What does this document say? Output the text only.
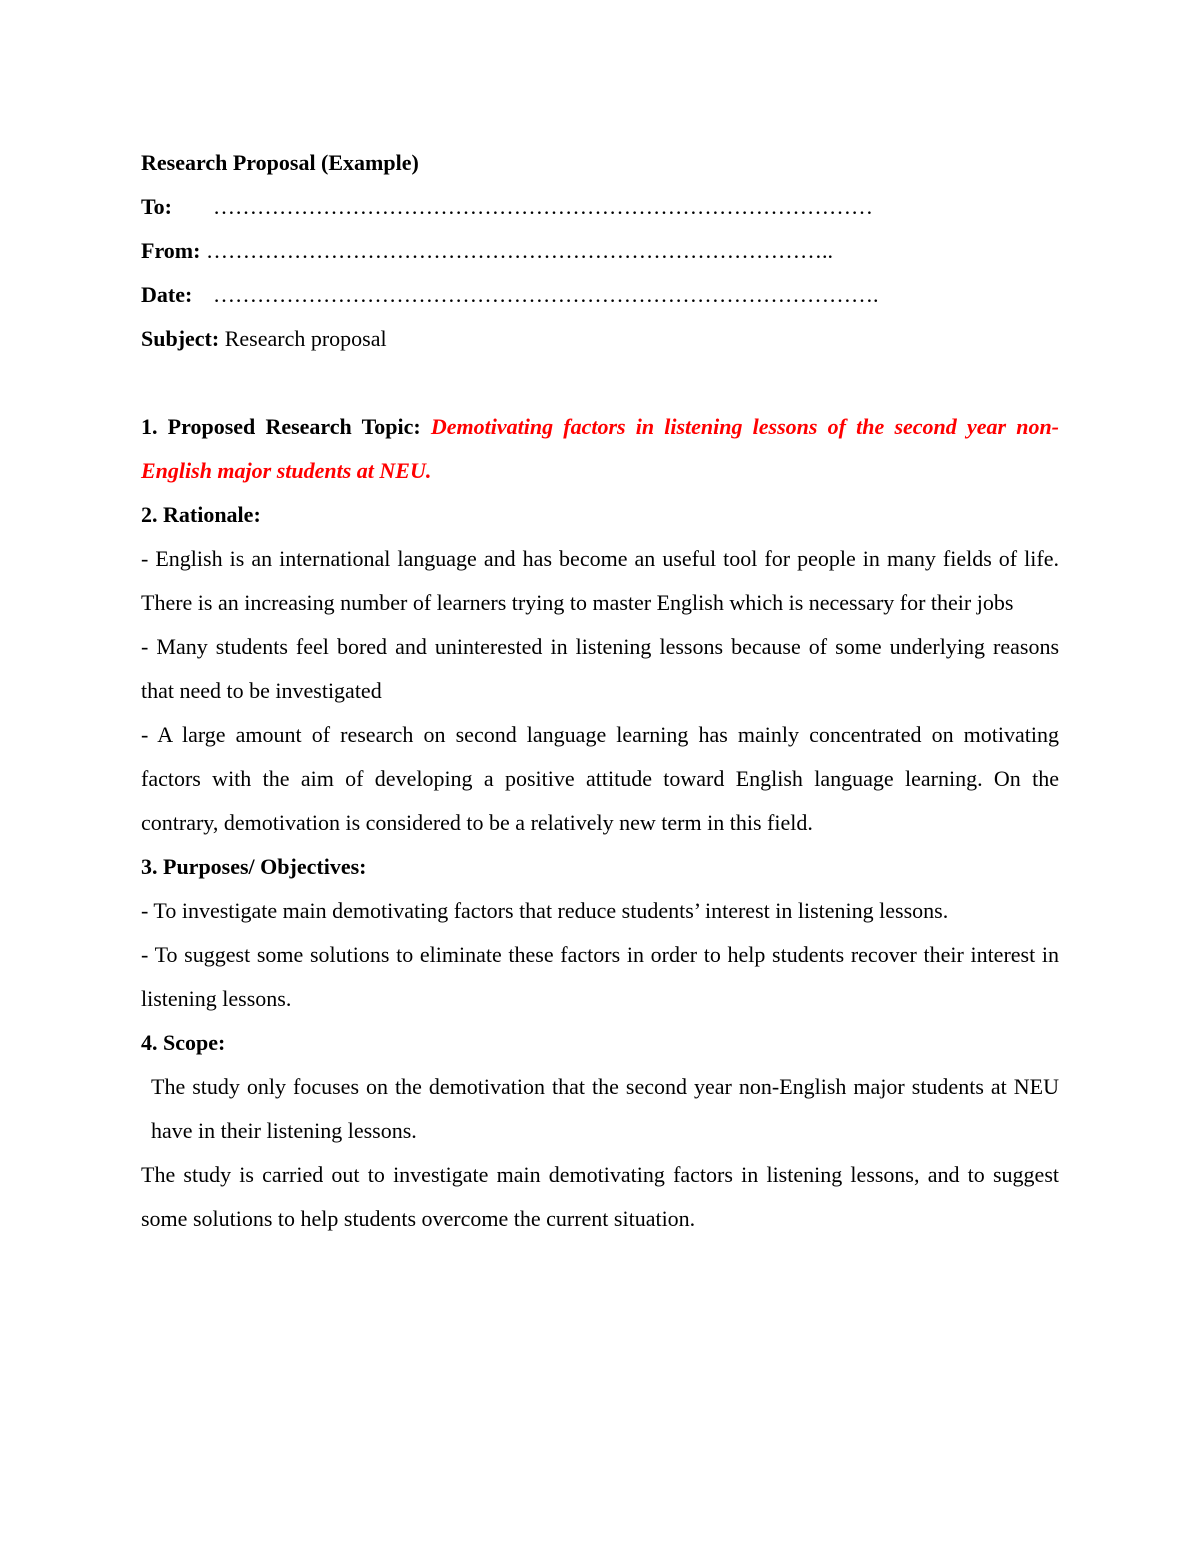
Research Proposal (Example)

To: ………………………………………………………………………………

From: …………………………………………………………………………..

Date: ……………………………………………………………………………….

Subject: Research proposal

1. Proposed Research Topic: Demotivating factors in listening lessons of the second year non- English major students at NEU.

2. Rationale:

- English is an international language and has become an useful tool for people in many fields of life. There is an increasing number of learners trying to master English which is necessary for their jobs

- Many students feel bored and uninterested in listening lessons because of some underlying reasons that need to be investigated

- A large amount of research on second language learning has mainly concentrated on motivating factors with the aim of developing a positive attitude toward English language learning. On the contrary, demotivation is considered to be a relatively new term in this field.

3. Purposes/ Objectives:

- To investigate main demotivating factors that reduce students’ interest in listening lessons.

- To suggest some solutions to eliminate these factors in order to help students recover their interest in listening lessons.

4. Scope:

The study only focuses on the demotivation that the second year non-English major students at NEU have in their listening lessons.

The study is carried out to investigate main demotivating factors in listening lessons, and to suggest some solutions to help students overcome the current situation.
